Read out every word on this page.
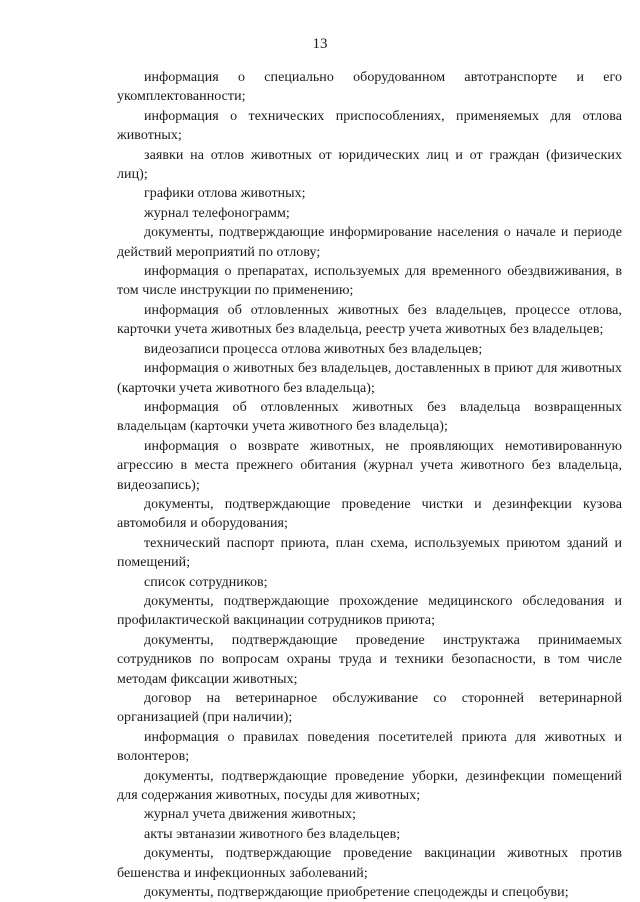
13

информация о специально оборудованном автотранспорте и его укомплектованности;

информация о технических приспособлениях, применяемых для отлова животных;

заявки на отлов животных от юридических лиц и от граждан (физических лиц);

графики отлова животных;

журнал телефонограмм;

документы, подтверждающие информирование населения о начале и периоде действий мероприятий по отлову;

информация о препаратах, используемых для временного обездвиживания, в том числе инструкции по применению;

информация об отловленных животных без владельцев, процессе отлова, карточки учета животных без владельца, реестр учета животных без владельцев;

видеозаписи процесса отлова животных без владельцев;

информация о животных без владельцев, доставленных в приют для животных (карточки учета животного без владельца);

информация об отловленных животных без владельца возвращенных владельцам (карточки учета животного без владельца);

информация о возврате животных, не проявляющих немотивированную агрессию в места прежнего обитания (журнал учета животного без владельца, видеозапись);

документы, подтверждающие проведение чистки и дезинфекции кузова автомобиля и оборудования;

технический паспорт приюта, план схема, используемых приютом зданий и помещений;

список сотрудников;

документы, подтверждающие прохождение медицинского обследования и профилактической вакцинации сотрудников приюта;

документы, подтверждающие проведение инструктажа принимаемых сотрудников по вопросам охраны труда и техники безопасности, в том числе методам фиксации животных;

договор на ветеринарное обслуживание со сторонней ветеринарной организацией (при наличии);

информация о правилах поведения посетителей приюта для животных и волонтеров;

документы, подтверждающие проведение уборки, дезинфекции помещений для содержания животных, посуды для животных;

журнал учета движения животных;

акты эвтаназии животного без владельцев;

документы, подтверждающие проведение вакцинации животных против бешенства и инфекционных заболеваний;

документы, подтверждающие приобретение спецодежды и спецобуви;
